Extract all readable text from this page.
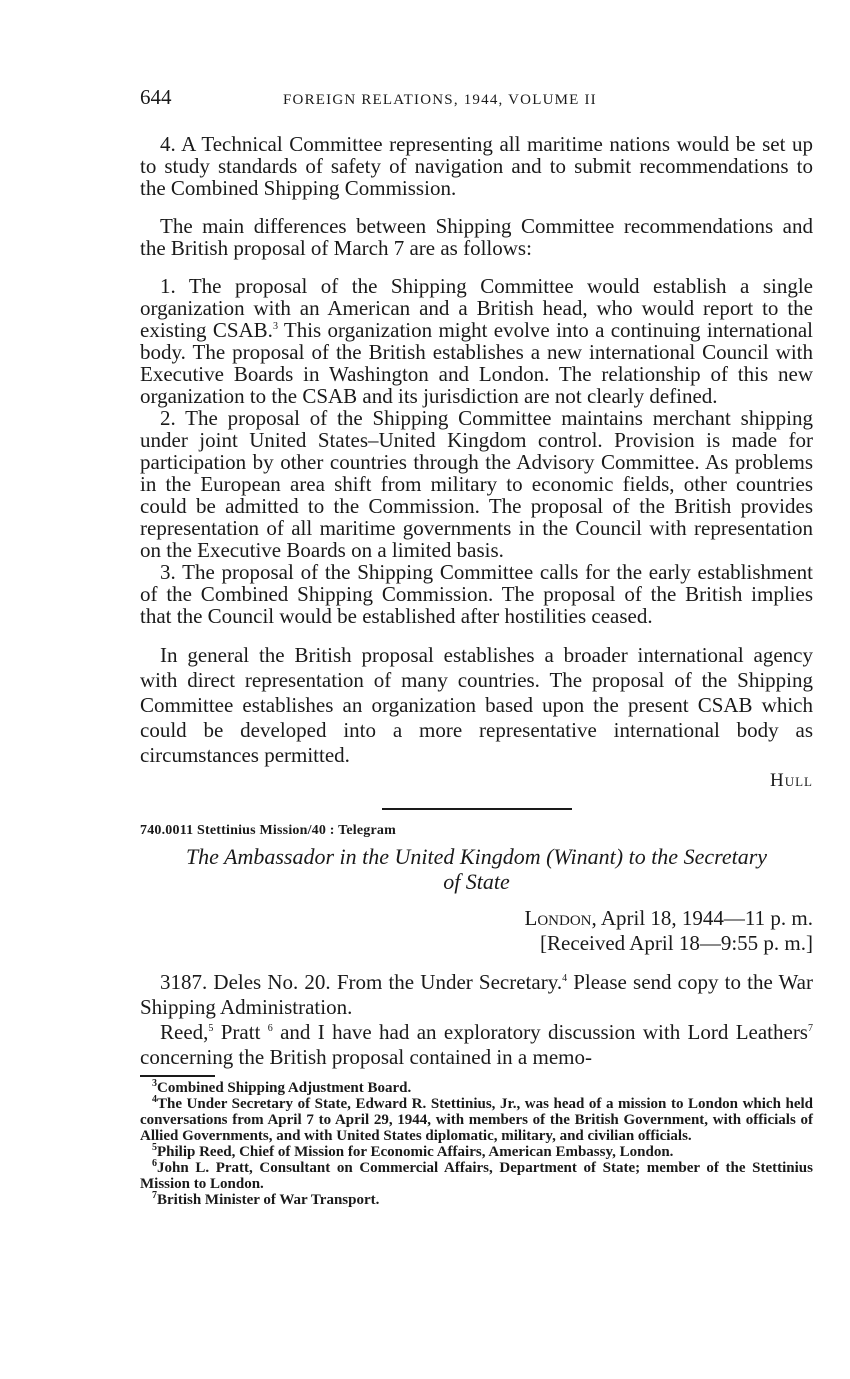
644	FOREIGN RELATIONS, 1944, VOLUME II

4. A Technical Committee representing all maritime nations would be set up to study standards of safety of navigation and to submit recommendations to the Combined Shipping Commission.

The main differences between Shipping Committee recommendations and the British proposal of March 7 are as follows:

1. The proposal of the Shipping Committee would establish a single organization with an American and a British head, who would report to the existing CSAB.$^3$ This organization might evolve into a continuing international body. The proposal of the British establishes a new international Council with Executive Boards in Washington and London. The relationship of this new organization to the CSAB and its jurisdiction are not clearly defined.

2. The proposal of the Shipping Committee maintains merchant shipping under joint United States–United Kingdom control. Provision is made for participation by other countries through the Advisory Committee. As problems in the European area shift from military to economic fields, other countries could be admitted to the Commission. The proposal of the British provides representation of all maritime governments in the Council with representation on the Executive Boards on a limited basis.

3. The proposal of the Shipping Committee calls for the early establishment of the Combined Shipping Commission. The proposal of the British implies that the Council would be established after hostilities ceased.

In general the British proposal establishes a broader international agency with direct representation of many countries. The proposal of the Shipping Committee establishes an organization based upon the present CSAB which could be developed into a more representative international body as circumstances permitted.

Hull
740.0011 Stettinius Mission/40 : Telegram
The Ambassador in the United Kingdom (Winant) to the Secretary
of State
London, April 18, 1944—11 p. m.
[Received April 18—9:55 p. m.]

3187. Deles No. 20. From the Under Secretary.$^4$ Please send copy to the War Shipping Administration.

Reed,$^5$ Pratt $^6$ and I have had an exploratory discussion with Lord Leathers$^7$ concerning the British proposal contained in a memo-

$^3$Combined Shipping Adjustment Board.

$^4$The Under Secretary of State, Edward R. Stettinius, Jr., was head of a mission to London which held conversations from April 7 to April 29, 1944, with members of the British Government, with officials of Allied Governments, and with United States diplomatic, military, and civilian officials.

$^5$Philip Reed, Chief of Mission for Economic Affairs, American Embassy, London.

$^6$John L. Pratt, Consultant on Commercial Affairs, Department of State; member of the Stettinius Mission to London.

$^7$British Minister of War Transport.
